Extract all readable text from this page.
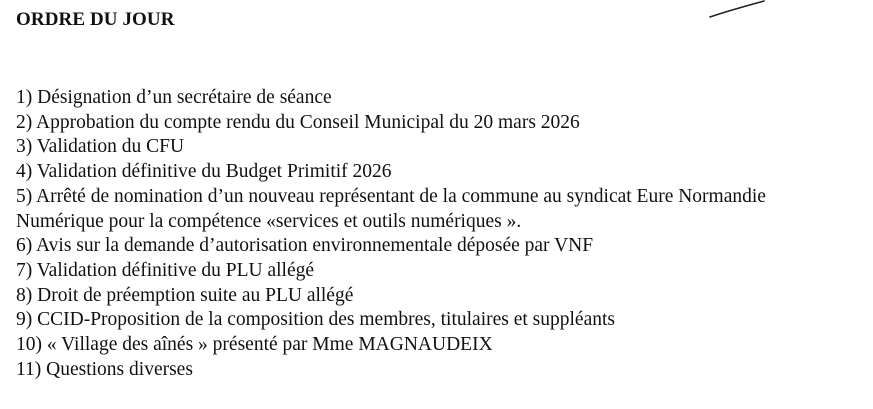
ORDRE DU JOUR
1) Désignation d’un secrétaire de séance
2) Approbation du compte rendu du Conseil Municipal du 20 mars 2026
3) Validation du CFU
4) Validation définitive du Budget Primitif 2026
5) Arrêté de nomination d’un nouveau représentant de la commune au syndicat Eure Normandie
Numérique pour la compétence «services et outils numériques ».
6) Avis sur la demande d’autorisation environnementale déposée par VNF
7) Validation définitive du PLU allégé
8) Droit de préemption suite au PLU allégé
9) CCID-Proposition de la composition des membres, titulaires et suppléants
10) « Village des aînés » présenté par Mme MAGNAUDEIX
11) Questions diverses
